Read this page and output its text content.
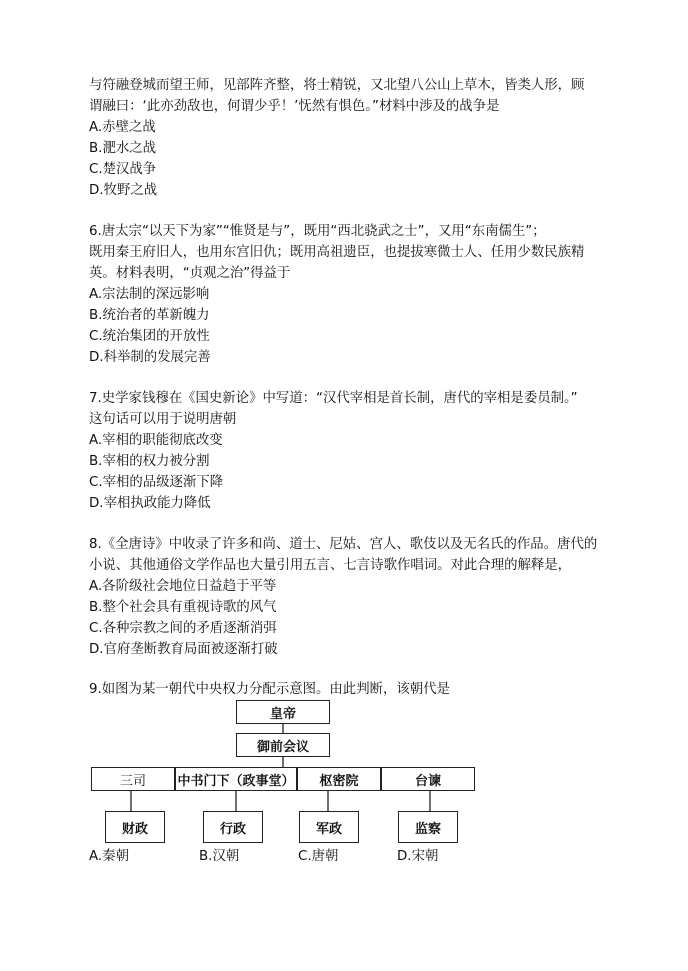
与符融登城而望王师，见部阵齐整，将士精锐，又北望八公山上草木，皆类人形，顾
谓融曰：‘此亦劲敌也，何谓少乎！’怃然有惧色。”材料中涉及的战争是
A.赤壁之战
B.淝水之战
C.楚汉战争
D.牧野之战
6.唐太宗“以天下为家”“惟贤是与”，既用“西北骁武之士”，又用“东南儒生”；
既用秦王府旧人，也用东宫旧仇；既用高祖遗臣，也提拔寒微士人、任用少数民族精
英。材料表明，“贞观之治”得益于
A.宗法制的深远影响
B.统治者的革新魄力
C.统治集团的开放性
D.科举制的发展完善
7.史学家钱穆在《国史新论》中写道：“汉代宰相是首长制，唐代的宰相是委员制。”
这句话可以用于说明唐朝
A.宰相的职能彻底改变
B.宰相的权力被分割
C.宰相的品级逐渐下降
D.宰相执政能力降低
8.《全唐诗》中收录了许多和尚、道士、尼姑、宫人、歌伎以及无名氏的作品。唐代的
小说、其他通俗文学作品也大量引用五言、七言诗歌作唱词。对此合理的解释是，
A.各阶级社会地位日益趋于平等
B.整个社会具有重视诗歌的风气
C.各种宗教之间的矛盾逐渐消弭
D.官府垄断教育局面被逐渐打破
9.如图为某一朝代中央权力分配示意图。由此判断，该朝代是
皇帝
御前会议
三司	中书门下（政事堂）	枢密院	台谏
财政	行政	军政	监察
A.秦朝	B.汉朝	C.唐朝	D.宋朝
